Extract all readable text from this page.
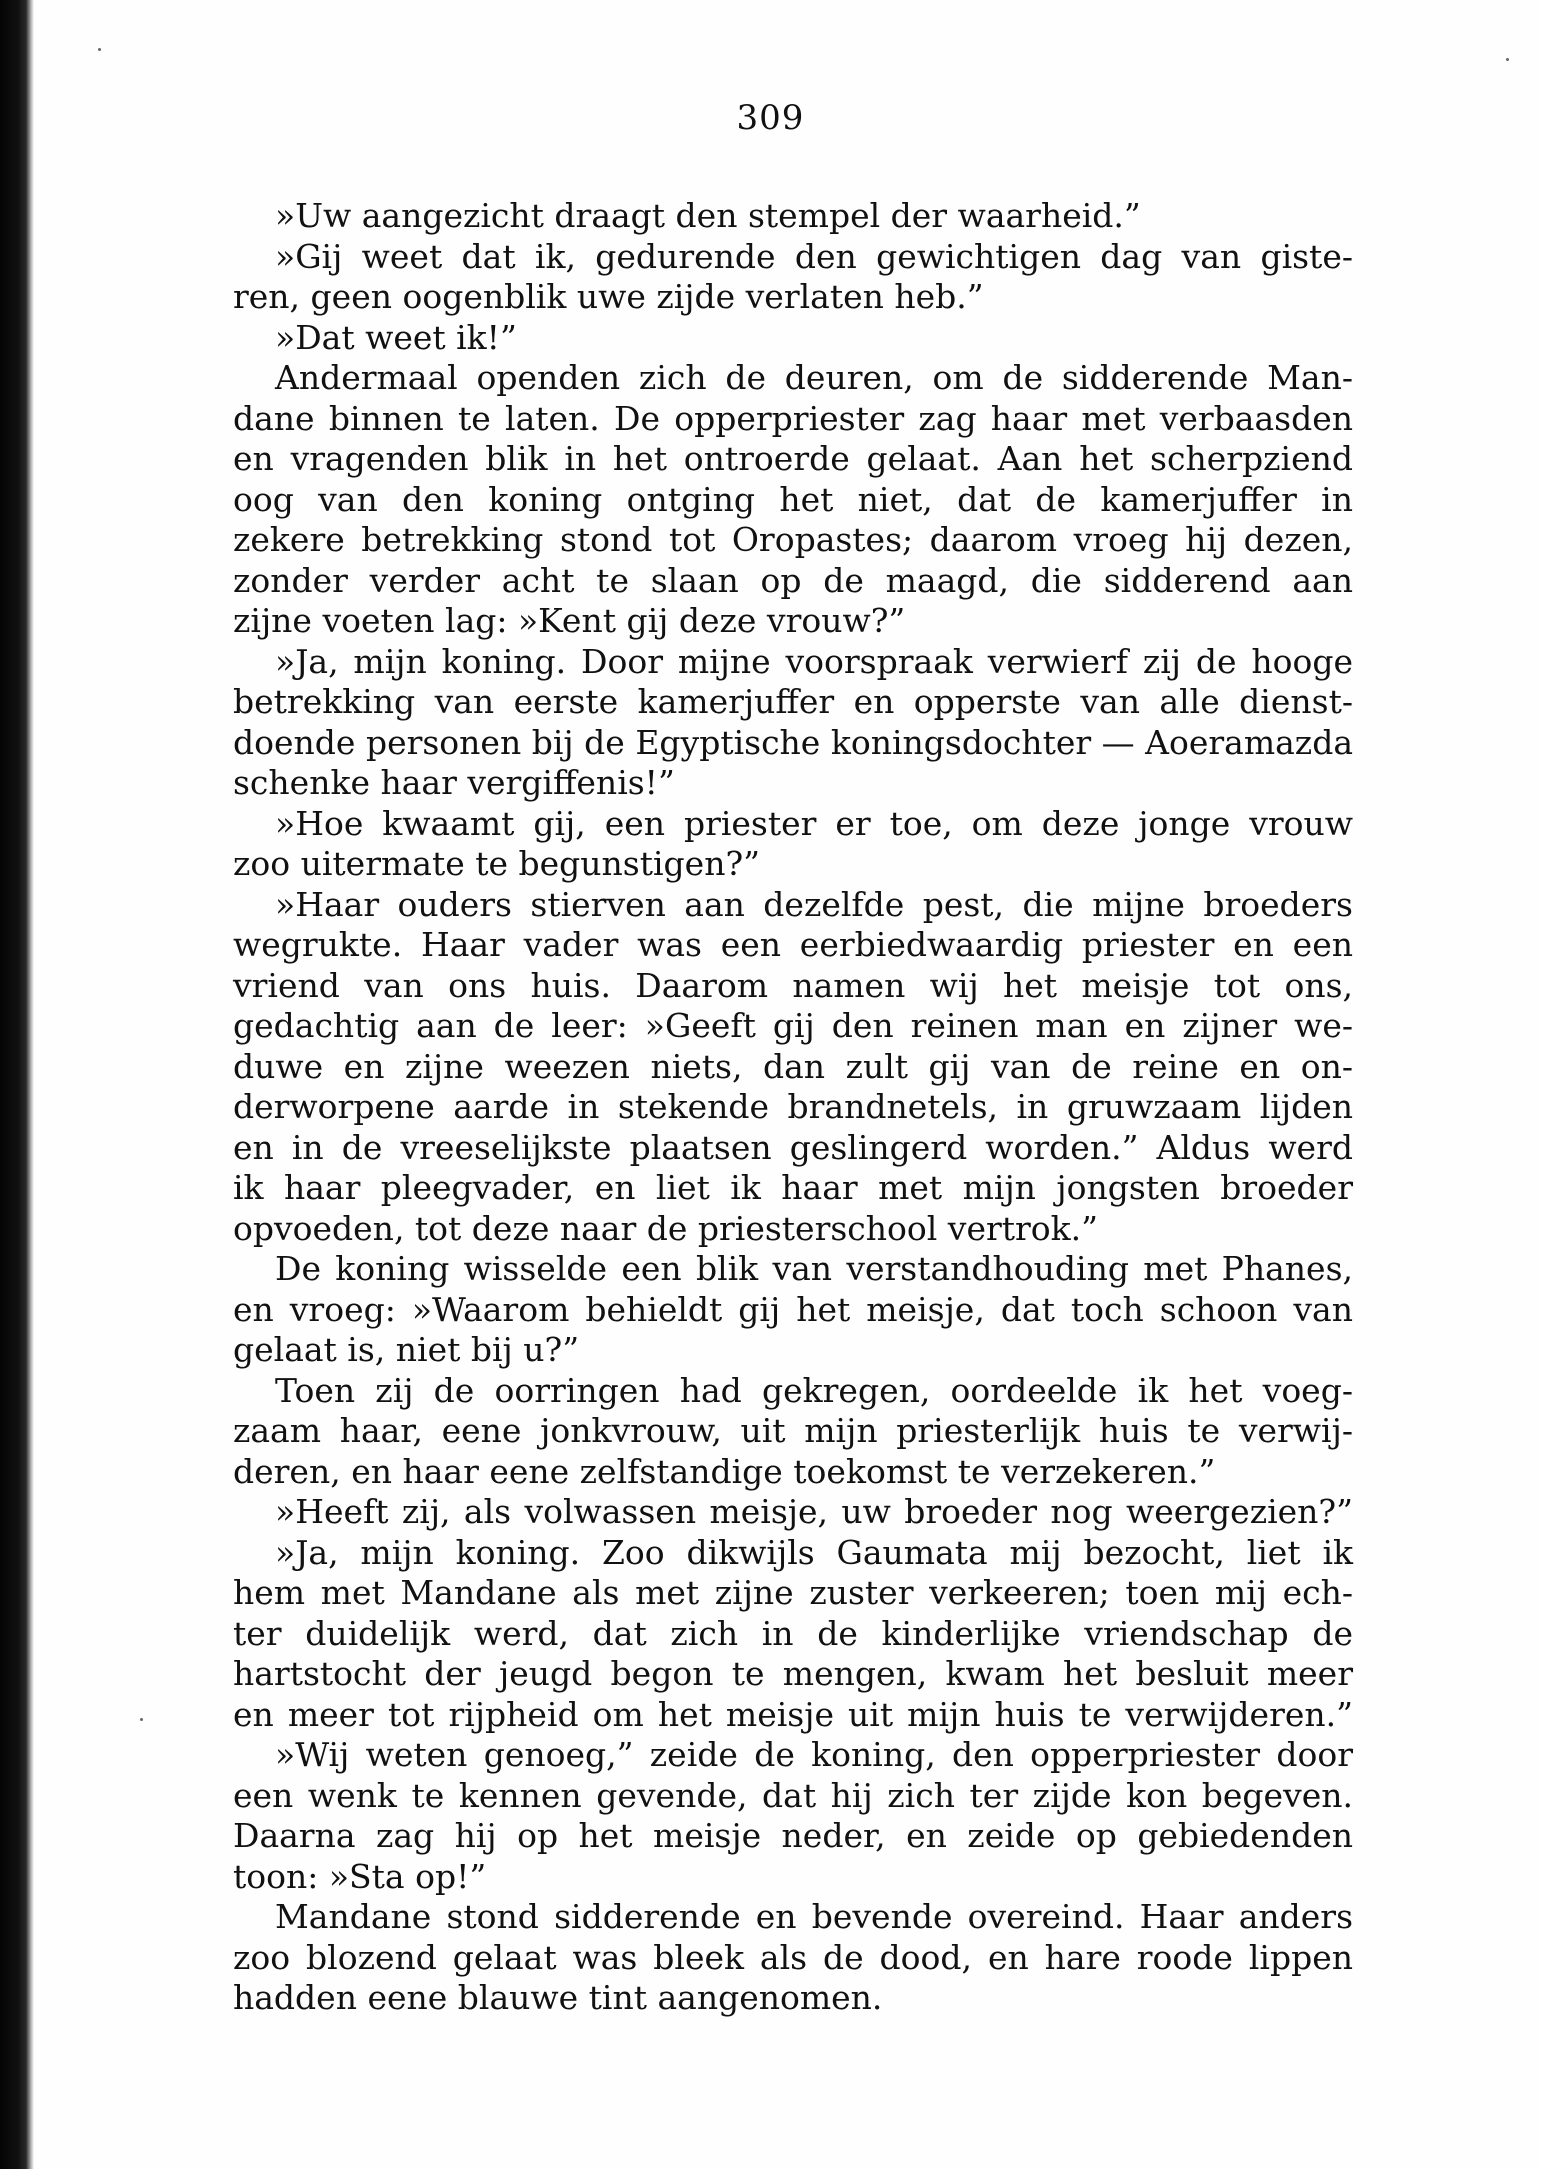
309
»Uw aangezicht draagt den stempel der waarheid.”
»Gij weet dat ik, gedurende den gewichtigen dag van giste-
ren, geen oogenblik uwe zijde verlaten heb.”
»Dat weet ik!”
Andermaal openden zich de deuren, om de sidderende Man-
dane binnen te laten. De opperpriester zag haar met verbaasden
en vragenden blik in het ontroerde gelaat. Aan het scherpziend
oog van den koning ontging het niet, dat de kamerjuffer in
zekere betrekking stond tot Oropastes; daarom vroeg hij dezen,
zonder verder acht te slaan op de maagd, die sidderend aan
zijne voeten lag: »Kent gij deze vrouw?”
»Ja, mijn koning. Door mijne voorspraak verwierf zij de hooge
betrekking van eerste kamerjuffer en opperste van alle dienst-
doende personen bij de Egyptische koningsdochter — Aoeramazda
schenke haar vergiffenis!”
»Hoe kwaamt gij, een priester er toe, om deze jonge vrouw
zoo uitermate te begunstigen?”
»Haar ouders stierven aan dezelfde pest, die mijne broeders
wegrukte. Haar vader was een eerbiedwaardig priester en een
vriend van ons huis. Daarom namen wij het meisje tot ons,
gedachtig aan de leer: »Geeft gij den reinen man en zijner we-
duwe en zijne weezen niets, dan zult gij van de reine en on-
derworpene aarde in stekende brandnetels, in gruwzaam lijden
en in de vreeselijkste plaatsen geslingerd worden.” Aldus werd
ik haar pleegvader, en liet ik haar met mijn jongsten broeder
opvoeden, tot deze naar de priesterschool vertrok.”
De koning wisselde een blik van verstandhouding met Phanes,
en vroeg: »Waarom behieldt gij het meisje, dat toch schoon van
gelaat is, niet bij u?”
Toen zij de oorringen had gekregen, oordeelde ik het voeg-
zaam haar, eene jonkvrouw, uit mijn priesterlijk huis te verwij-
deren, en haar eene zelfstandige toekomst te verzekeren.”
»Heeft zij, als volwassen meisje, uw broeder nog weergezien?”
»Ja, mijn koning. Zoo dikwijls Gaumata mij bezocht, liet ik
hem met Mandane als met zijne zuster verkeeren; toen mij ech-
ter duidelijk werd, dat zich in de kinderlijke vriendschap de
hartstocht der jeugd begon te mengen, kwam het besluit meer
en meer tot rijpheid om het meisje uit mijn huis te verwijderen.”
»Wij weten genoeg,” zeide de koning, den opperpriester door
een wenk te kennen gevende, dat hij zich ter zijde kon begeven.
Daarna zag hij op het meisje neder, en zeide op gebiedenden
toon: »Sta op!”
Mandane stond sidderende en bevende overeind. Haar anders
zoo blozend gelaat was bleek als de dood, en hare roode lippen
hadden eene blauwe tint aangenomen.
